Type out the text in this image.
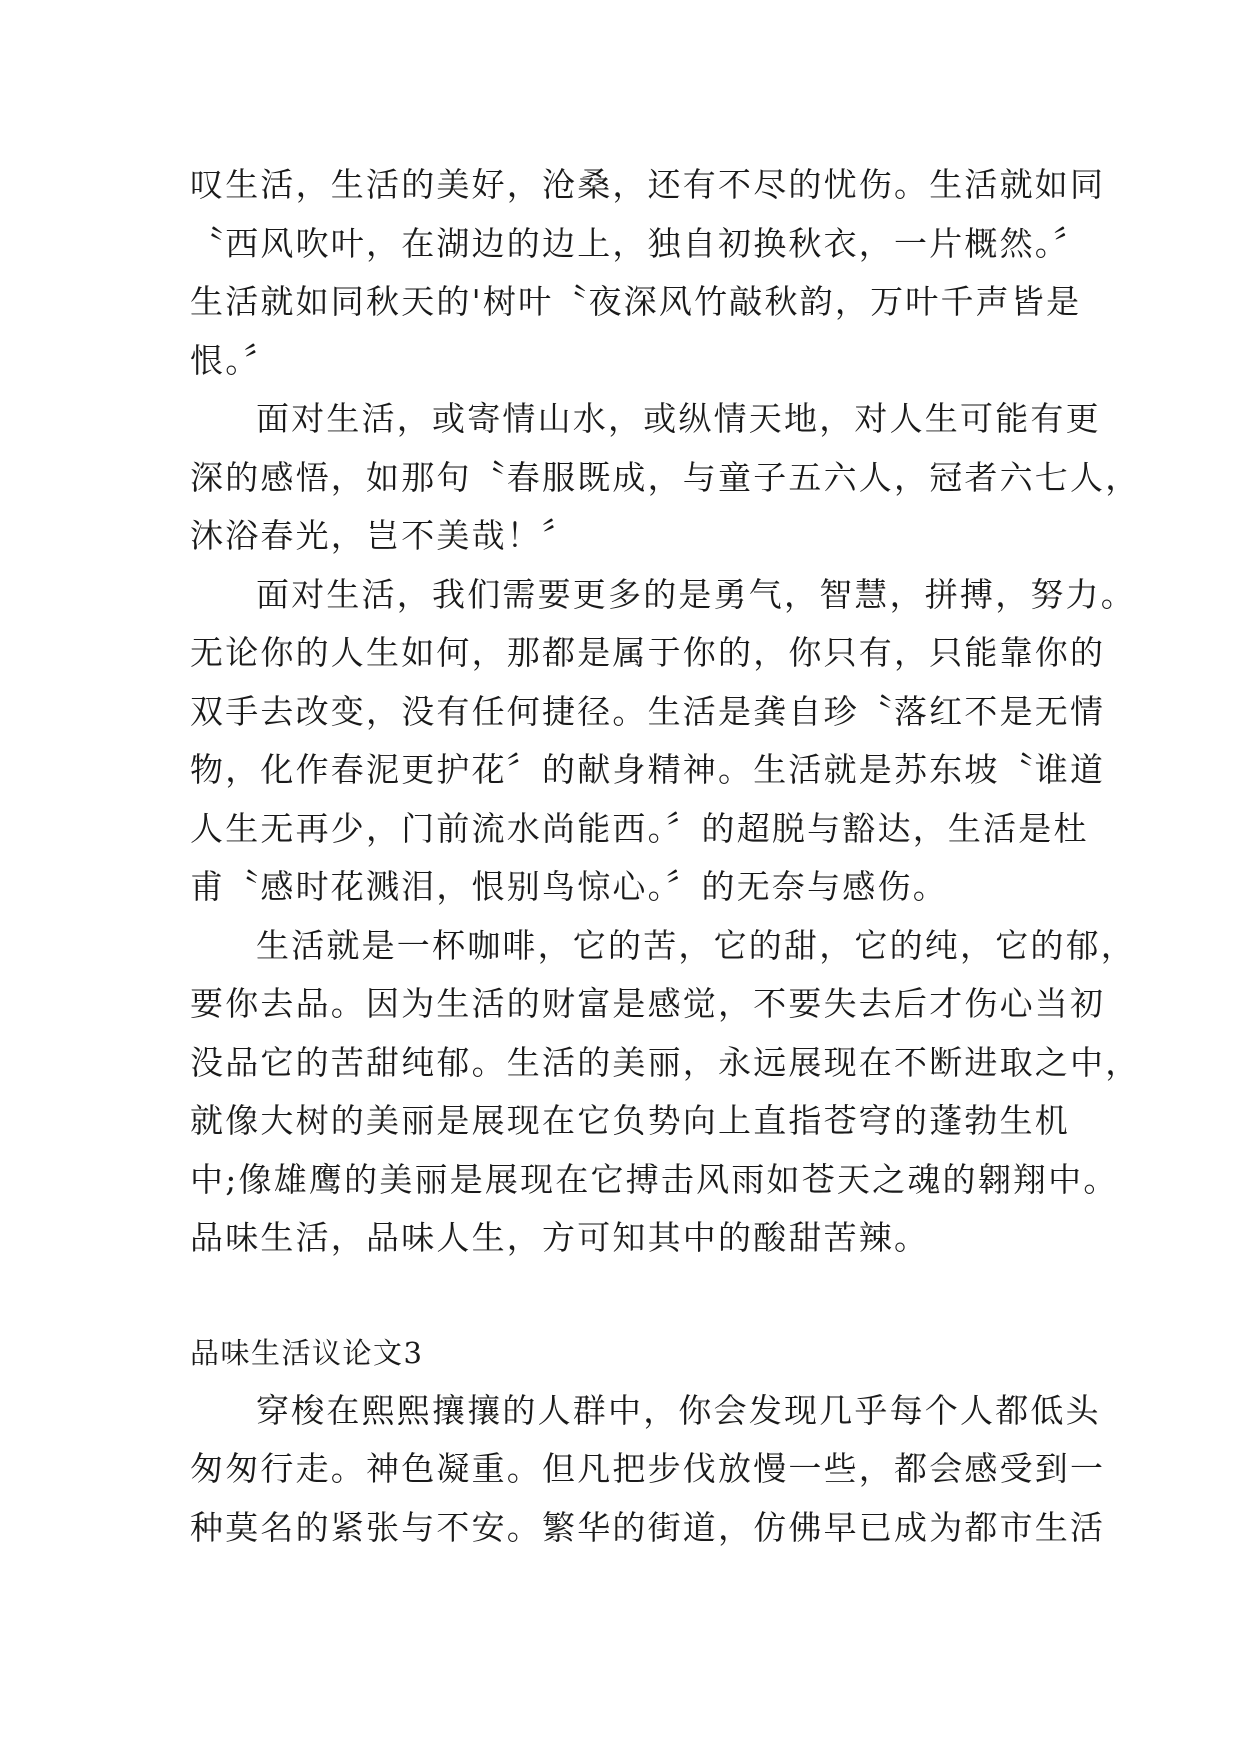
叹生活，生活的美好，沧桑，还有不尽的忧伤。生活就如同
〝西风吹叶，在湖边的边上，独自初换秋衣，一片概然。〞
生活就如同秋天的'树叶〝夜深风竹敲秋韵，万叶千声皆是
恨。〞
面对生活，或寄情山水，或纵情天地，对人生可能有更
深的感悟，如那句〝春服既成，与童子五六人，冠者六七人，
沐浴春光，岂不美哉！〞
面对生活，我们需要更多的是勇气，智慧，拼搏，努力。
无论你的人生如何，那都是属于你的，你只有，只能靠你的
双手去改变，没有任何捷径。生活是龚自珍〝落红不是无情
物，化作春泥更护花〞的献身精神。生活就是苏东坡〝谁道
人生无再少，门前流水尚能西。〞的超脱与豁达，生活是杜
甫〝感时花溅泪，恨别鸟惊心。〞的无奈与感伤。
生活就是一杯咖啡，它的苦，它的甜，它的纯，它的郁，
要你去品。因为生活的财富是感觉，不要失去后才伤心当初
没品它的苦甜纯郁。生活的美丽，永远展现在不断进取之中，
就像大树的美丽是展现在它负势向上直指苍穹的蓬勃生机
中;像雄鹰的美丽是展现在它搏击风雨如苍天之魂的翱翔中。
品味生活，品味人生，方可知其中的酸甜苦辣。
品味生活议论文3
穿梭在熙熙攘攘的人群中，你会发现几乎每个人都低头
匆匆行走。神色凝重。但凡把步伐放慢一些，都会感受到一
种莫名的紧张与不安。繁华的街道，仿佛早已成为都市生活
